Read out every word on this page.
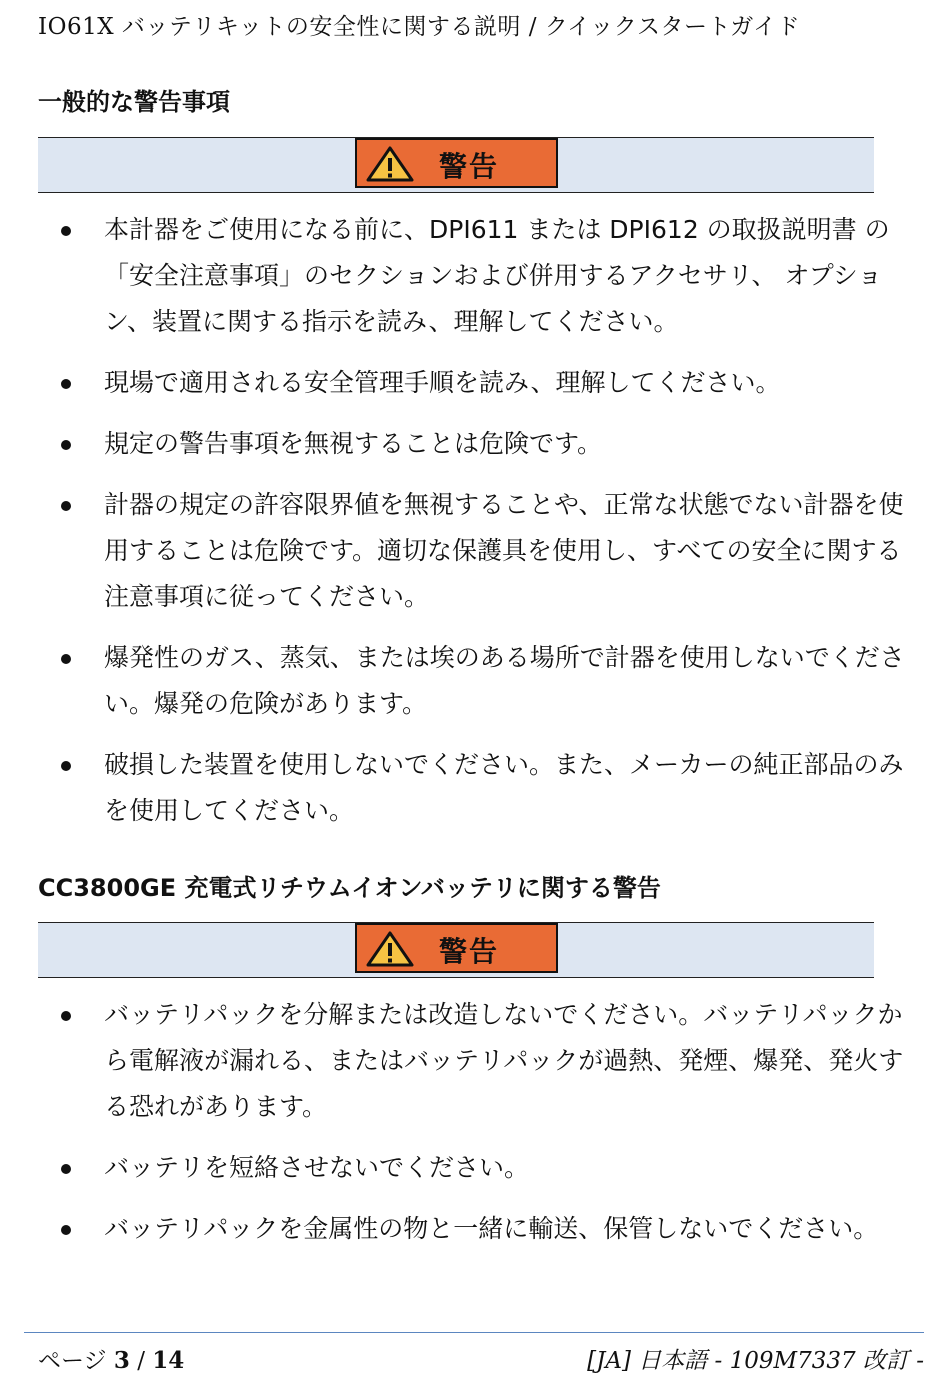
IO61X バッテリキットの安全性に関する説明 / クイックスタートガイド
一般的な警告事項
警告
本計器をご使用になる前に、DPI611 または DPI612 の取扱説明書 の「安全注意事項」のセクションおよび併用するアクセサリ、 オプション、装置に関する指示を読み、理解してください。
現場で適用される安全管理手順を読み、理解してください。
規定の警告事項を無視することは危険です。
計器の規定の許容限界値を無視することや、正常な状態でない計器を使用することは危険です。適切な保護具を使用し、すべての安全に関する注意事項に従ってください。
爆発性のガス、蒸気、または埃のある場所で計器を使用しないでください。爆発の危険があります。
破損した装置を使用しないでください。また、メーカーの純正部品のみを使用してください。
CC3800GE 充電式リチウムイオンバッテリに関する警告
警告
バッテリパックを分解または改造しないでください。バッテリパックから電解液が漏れる、またはバッテリパックが過熱、発煙、爆発、発火する恐れがあります。
バッテリを短絡させないでください。
バッテリパックを金属性の物と一緒に輸送、保管しないでください。
ページ 3 / 14	[JA] 日本語 - 109M7337 改訂 -
